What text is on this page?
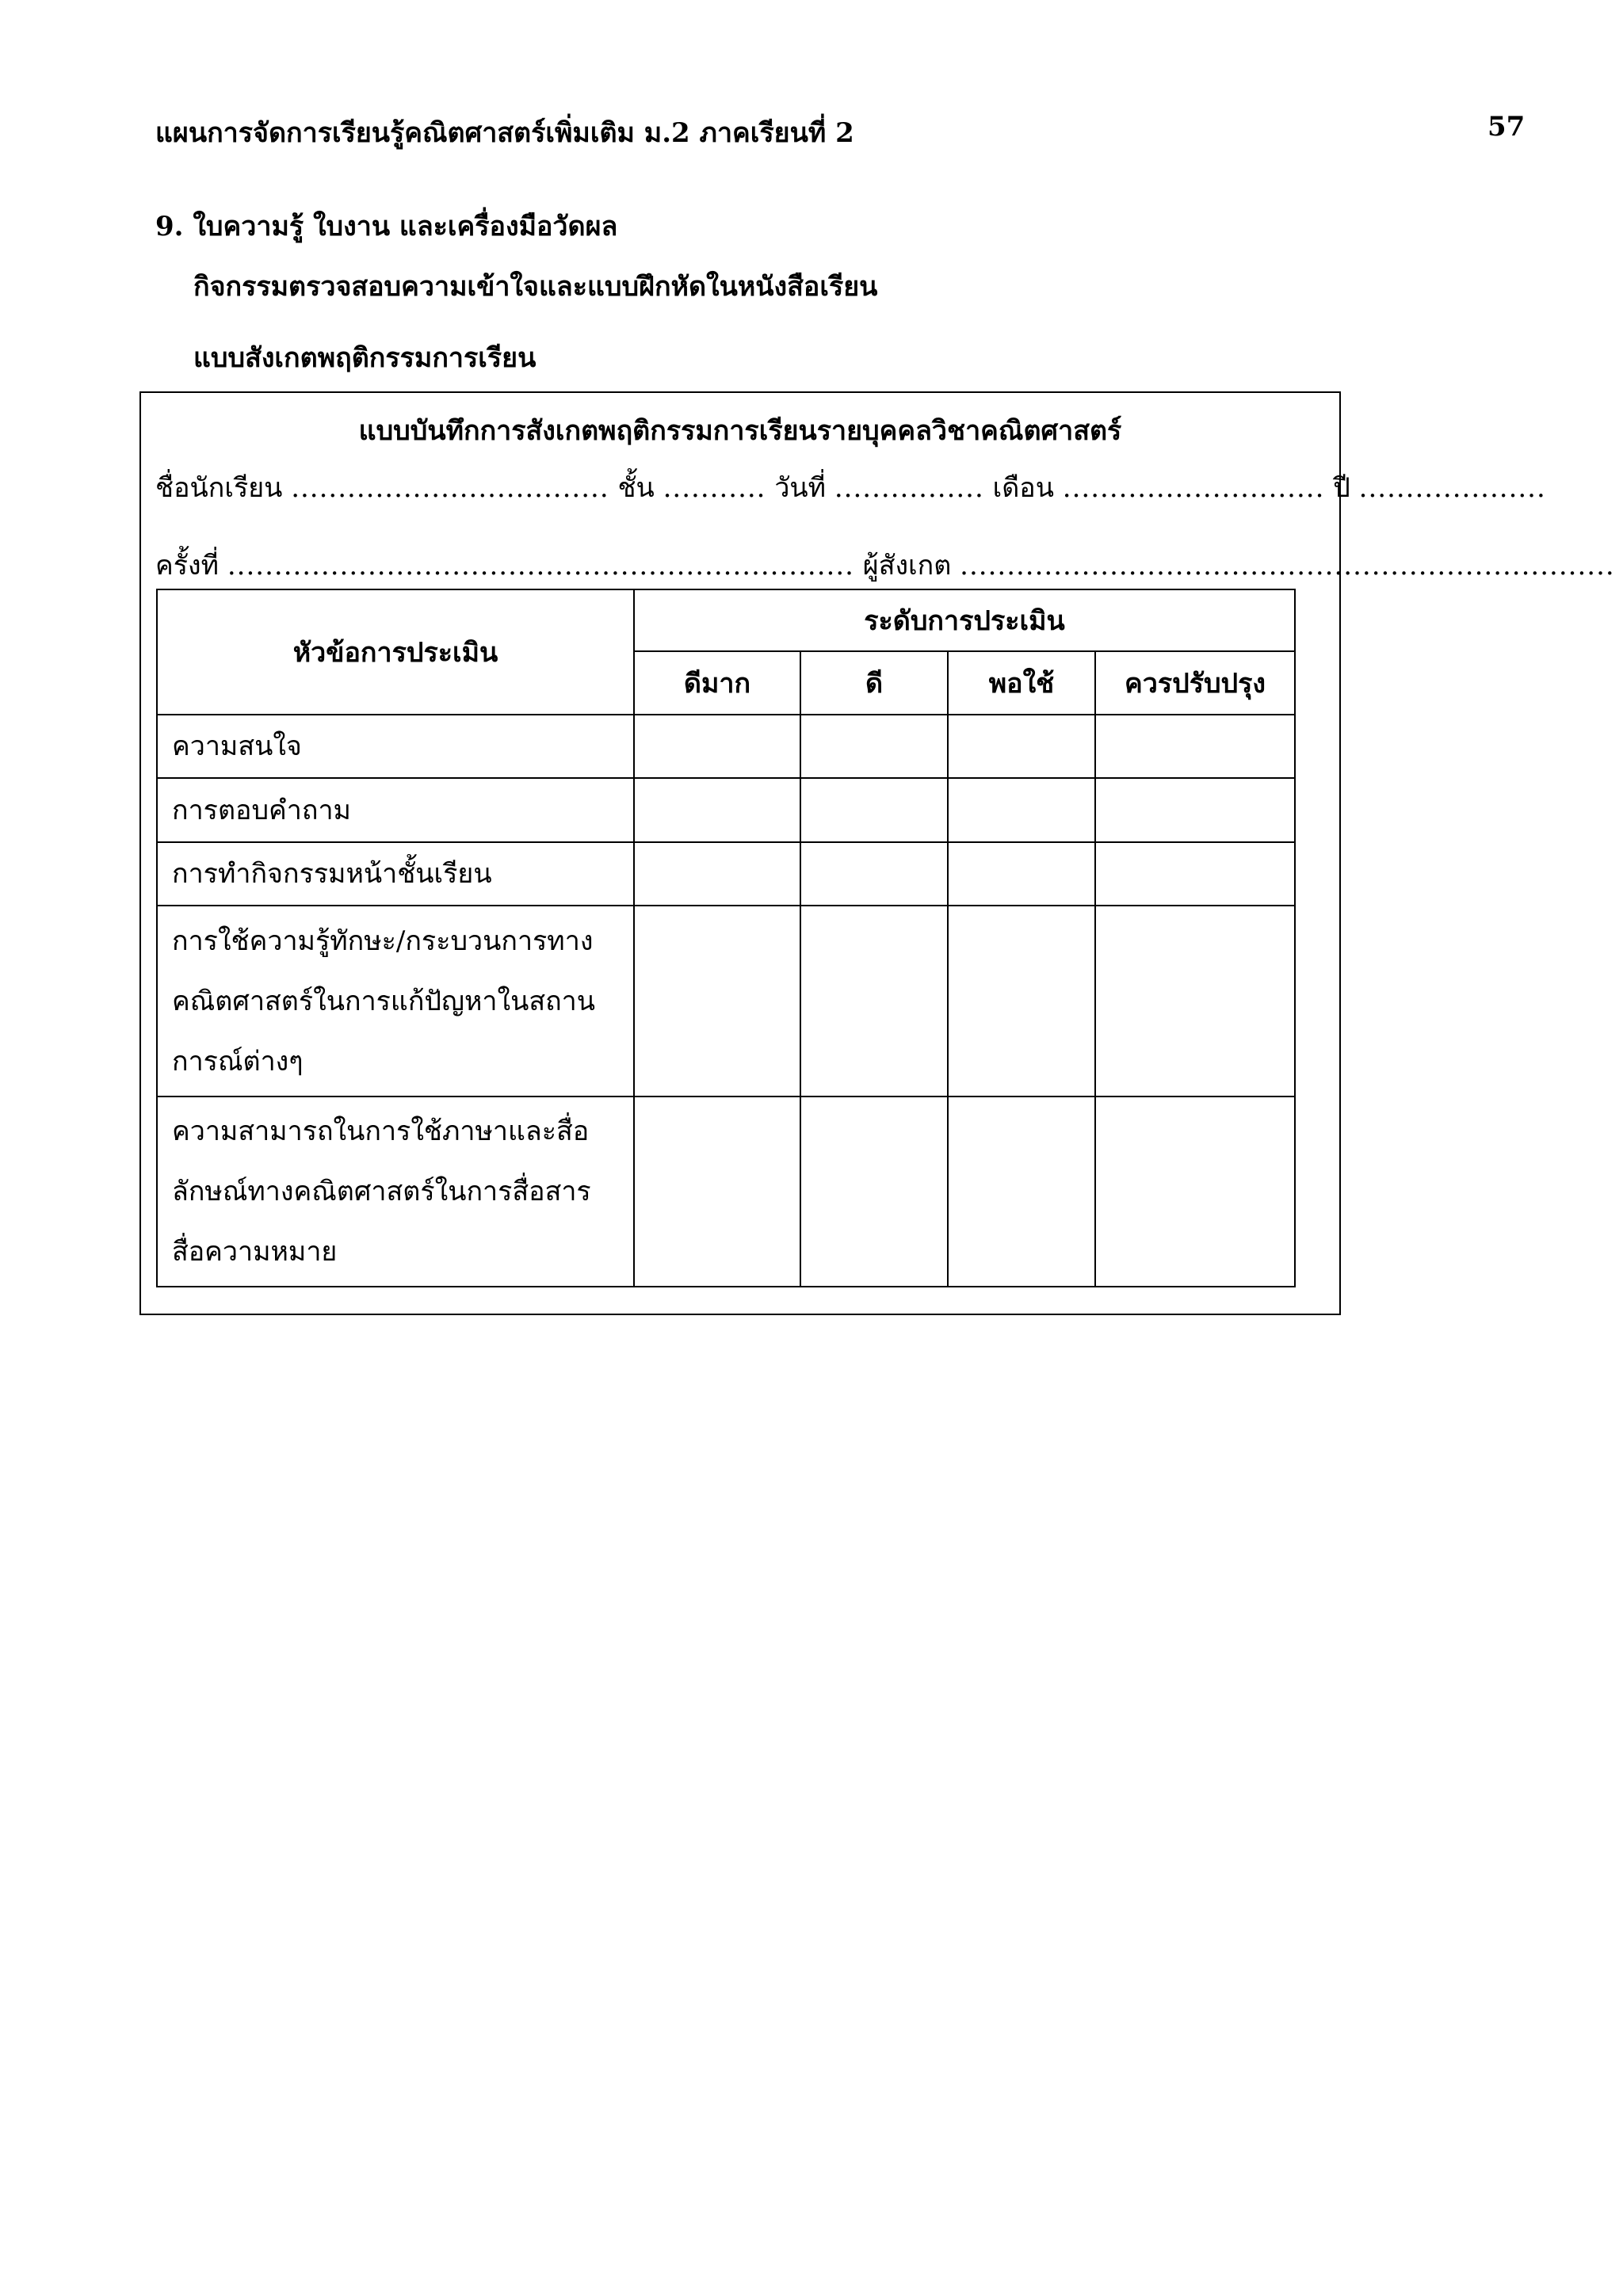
แผนการจัดการเรียนรู้คณิตศาสตร์เพิ่มเติม ม.2 ภาคเรียนที่ 2	57
9. ใบความรู้ ใบงาน และเครื่องมือวัดผล
กิจกรรมตรวจสอบความเข้าใจและแบบฝึกหัดในหนังสือเรียน
แบบสังเกตพฤติกรรมการเรียน
แบบบันทึกการสังเกตพฤติกรรมการเรียนรายบุคคลวิชาคณิตศาสตร์
ชื่อนักเรียน .................................. ชั้น ........... วันที่ ................ เดือน ............................ ปี ....................
ครั้งที่ ................................................................... ผู้สังเกต ......................................................................
หัวข้อการประเมิน	ระดับการประเมิน			
	ดีมาก	ดี	พอใช้	ควรปรับปรุง

ความสนใจ				

การตอบคำถาม				

การทำกิจกรรมหน้าชั้นเรียน				

การใช้ความรู้ทักษะ/กระบวนการทาง
คณิตศาสตร์ในการแก้ปัญหาในสถาน
การณ์ต่างๆ				

ความสามารถในการใช้ภาษาและสื่อ
ลักษณ์ทางคณิตศาสตร์ในการสื่อสาร
สื่อความหมาย				
